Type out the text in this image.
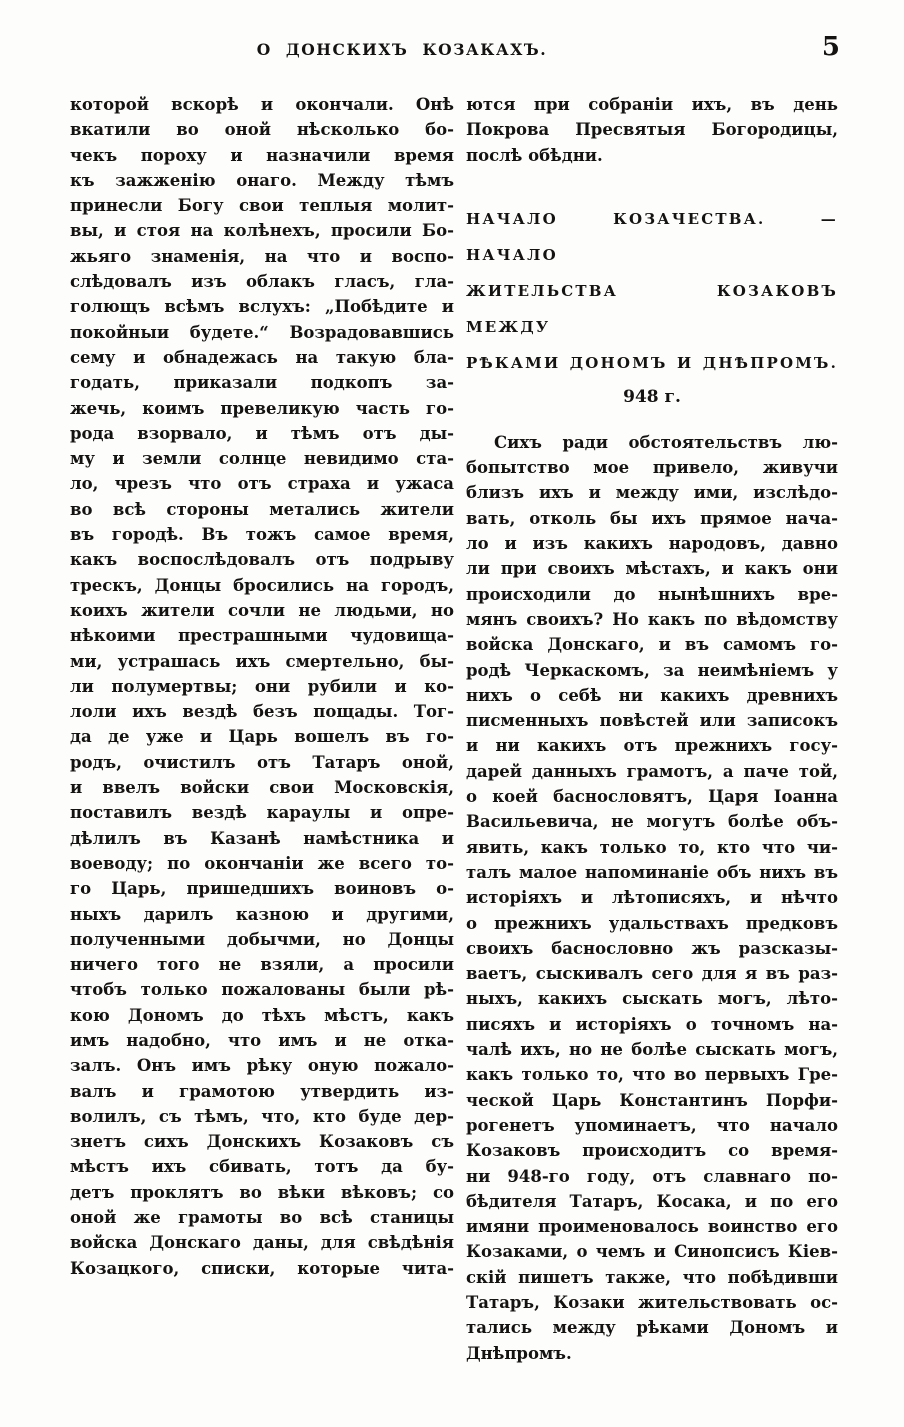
О ДОНСКИХЪ КОЗАКАХЪ.	5
которой вскорѣ и окончали. Онѣ
вкатили во оной нѣсколько бо-
чекъ пороху и назначили время
къ зажженію онаго. Между тѣмъ
принесли Богу свои теплыя молит-
вы, и стоя на колѣнехъ, просили Бо-
жьяго знаменія, на что и воспо-
слѣдовалъ изъ облакъ гласъ, гла-
голющъ всѣмъ вслухъ: „Побѣдите и
покойныи будете.“ Возрадовавшись
сему и обнадежась на такую бла-
годать, приказали подкопъ за-
жечь, коимъ превеликую часть го-
рода взорвало, и тѣмъ отъ ды-
му и земли солнце невидимо ста-
ло, чрезъ что отъ страха и ужаса
во всѣ стороны метались жители
въ городѣ. Въ тожъ самое время,
какъ воспослѣдовалъ отъ подрыву
трескъ, Донцы бросились на городъ,
коихъ жители сочли не людьми, но
нѣкоими престрашными чудовища-
ми, устрашась ихъ смертельно, бы-
ли полумертвы; они рубили и ко-
лоли ихъ вездѣ безъ пощады. Тог-
да де уже и Царь вошелъ въ го-
родъ, очистилъ отъ Татаръ оной,
и ввелъ войски свои Московскія,
поставилъ вездѣ караулы и опре-
дѣлилъ въ Казанѣ намѣстника и
воеводу; по окончаніи же всего то-
го Царь, пришедшихъ воиновъ о-
ныхъ дарилъ казною и другими,
полученными добычми, но Донцы
ничего того не взяли, а просили
чтобъ только пожалованы были рѣ-
кою Дономъ до тѣхъ мѣстъ, какъ
имъ надобно, что имъ и не отка-
залъ. Онъ имъ рѣку оную пожало-
валъ и грамотою утвердить из-
волилъ, съ тѣмъ, что, кто буде дер-
знетъ сихъ Донскихъ Козаковъ съ
мѣстъ ихъ сбивать, тотъ да бу-
детъ проклятъ во вѣки вѣковъ; со
оной же грамоты во всѣ станицы
войска Донскаго даны, для свѣдѣнія
Козацкого, списки, которые чита-
ются при собраніи ихъ, въ день
Покрова Пресвятыя Богородицы,
послѣ обѣдни.
НАЧАЛО КОЗАЧЕСТВА. — НАЧАЛО
ЖИТЕЛЬСТВА КОЗАКОВЪ МЕЖДУ
РѢКАМИ ДОНОМЪ И ДНѢПРОМЪ.
948 г.
Сихъ ради обстоятельствъ лю-
бопытство мое привело, живучи
близъ ихъ и между ими, изслѣдо-
вать, отколь бы ихъ прямое нача-
ло и изъ какихъ народовъ, давно
ли при своихъ мѣстахъ, и какъ они
происходили до нынѣшнихъ вре-
мянъ своихъ? Но какъ по вѣдомству
войска Донскаго, и въ самомъ го-
родѣ Черкаскомъ, за неимѣніемъ у
нихъ о себѣ ни какихъ древнихъ
писменныхъ повѣстей или записокъ
и ни какихъ отъ прежнихъ госу-
дарей данныхъ грамотъ, а паче той,
о коей баснословятъ, Царя Іоанна
Васильевича, не могутъ болѣе объ-
явить, какъ только то, кто что чи-
талъ малое напоминаніе объ нихъ въ
исторіяхъ и лѣтописяхъ, и нѣчто
о прежнихъ удальствахъ предковъ
своихъ баснословно жъ разсказы-
ваетъ, сыскивалъ сего для я въ раз-
ныхъ, какихъ сыскать могъ, лѣто-
писяхъ и исторіяхъ о точномъ на-
чалѣ ихъ, но не болѣе сыскать могъ,
какъ только то, что во первыхъ Гре-
ческой Царь Константинъ Порфи-
рогенетъ упоминаетъ, что начало
Козаковъ происходитъ со время-
ни 948-го году, отъ славнаго по-
бѣдителя Татаръ, Косака, и по его
имяни проименовалось воинство его
Козаками, о чемъ и Синопсисъ Кіев-
скій пишетъ также, что побѣдивши
Татаръ, Козаки жительствовать ос-
тались между рѣками Дономъ и
Днѣпромъ.
